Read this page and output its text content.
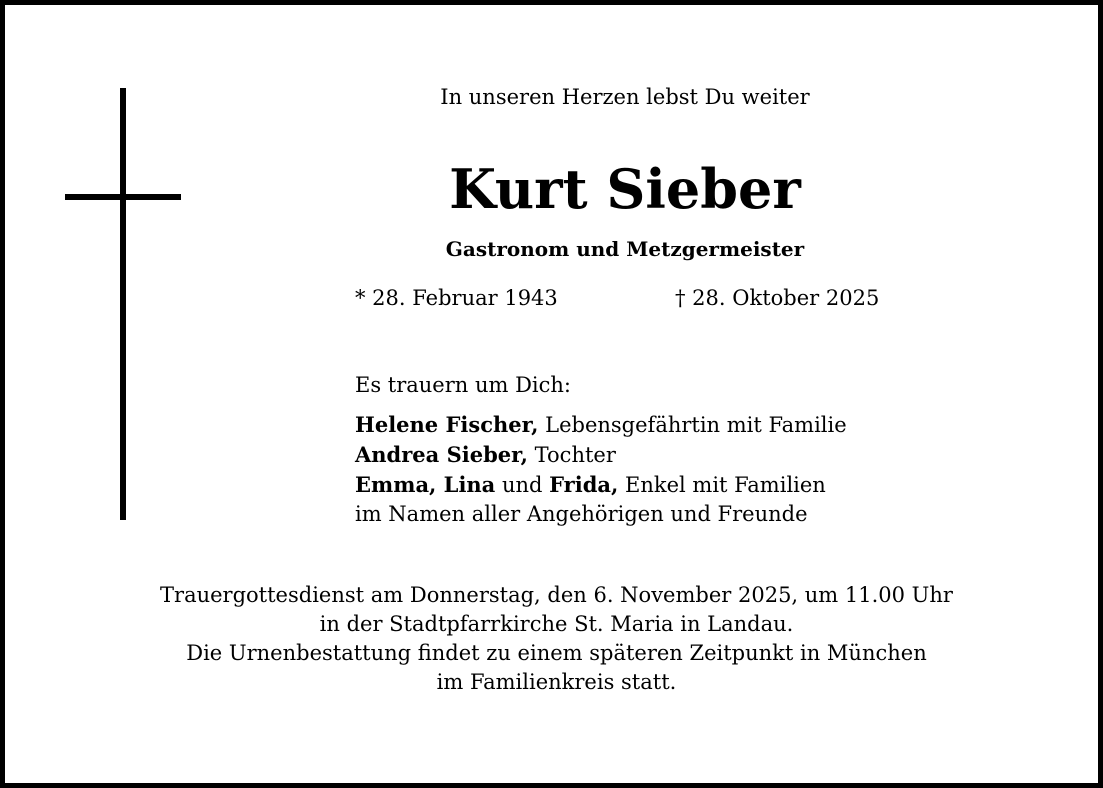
In unseren Herzen lebst Du weiter
Kurt Sieber
Gastronom und Metzgermeister
* 28. Februar 1943	† 28. Oktober 2025
Es trauern um Dich:
Helene Fischer, Lebensgefährtin mit Familie
Andrea Sieber, Tochter
Emma, Lina und Frida, Enkel mit Familien
im Namen aller Angehörigen und Freunde
Trauergottesdienst am Donnerstag, den 6. November 2025, um 11.00 Uhr
in der Stadtpfarrkirche St. Maria in Landau.
Die Urnenbestattung findet zu einem späteren Zeitpunkt in München
im Familienkreis statt.
